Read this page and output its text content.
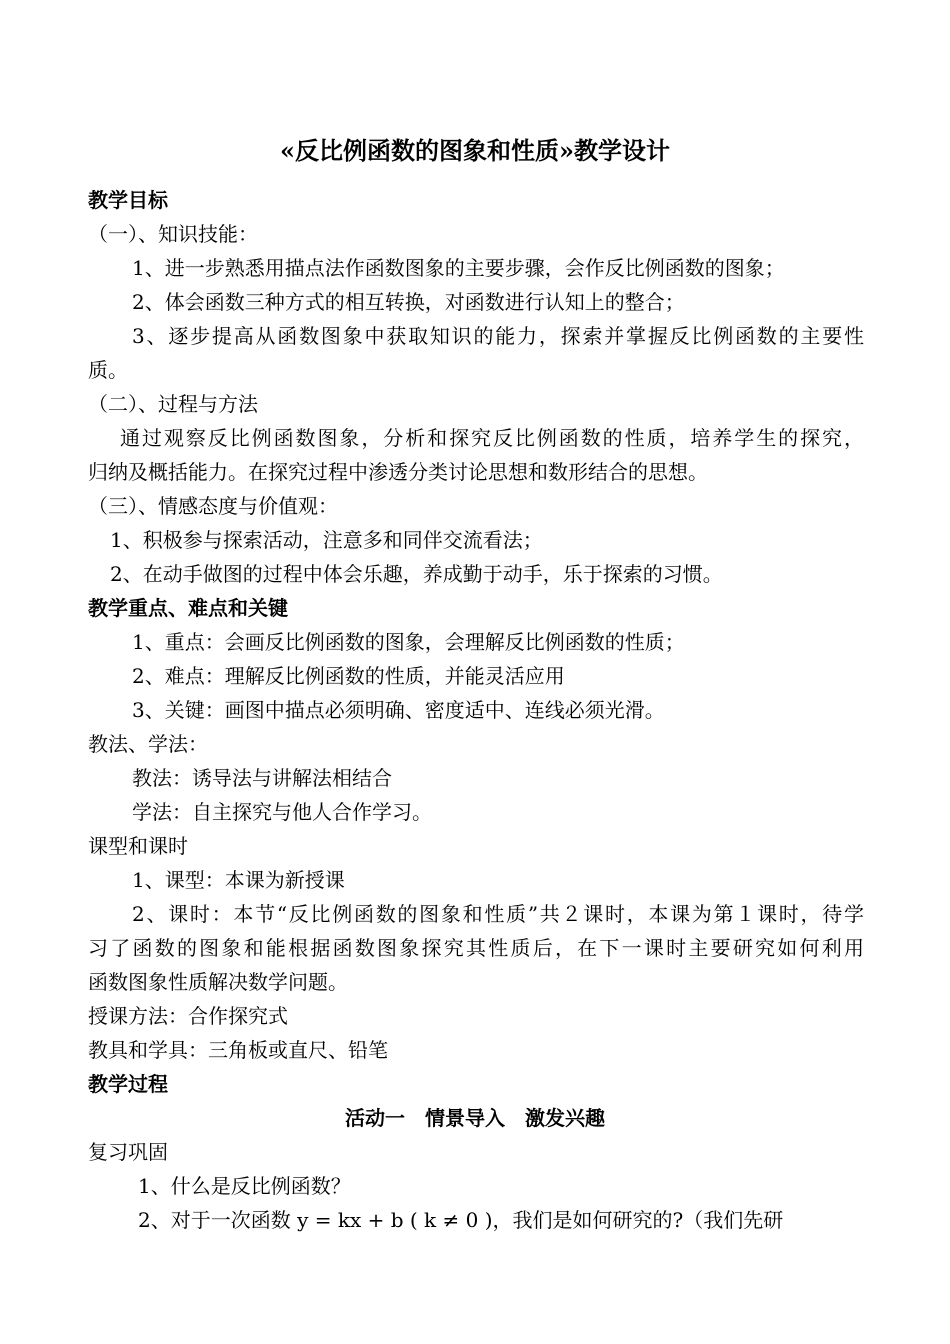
«反比例函数的图象和性质»教学设计
教学目标
（一）、知识技能：
1、进一步熟悉用描点法作函数图象的主要步骤，会作反比例函数的图象；
2、体会函数三种方式的相互转换，对函数进行认知上的整合；
3、逐步提高从函数图象中获取知识的能力，探索并掌握反比例函数的主要性
质。
（二）、过程与方法
通过观察反比例函数图象，分析和探究反比例函数的性质，培养学生的探究，
归纳及概括能力。在探究过程中渗透分类讨论思想和数形结合的思想。
（三）、情感态度与价值观：
1、积极参与探索活动，注意多和同伴交流看法；
2、在动手做图的过程中体会乐趣，养成勤于动手，乐于探索的习惯。
教学重点、难点和关键
1、重点：会画反比例函数的图象，会理解反比例函数的性质；
2、难点：理解反比例函数的性质，并能灵活应用
3、关键：画图中描点必须明确、密度适中、连线必须光滑。
教法、学法：
教法：诱导法与讲解法相结合
学法：自主探究与他人合作学习。
课型和课时
1、课型：本课为新授课
2、课时：本节“反比例函数的图象和性质”共２课时，本课为第１课时，待学
习了函数的图象和能根据函数图象探究其性质后，在下一课时主要研究如何利用
函数图象性质解决数学问题。
授课方法：合作探究式
教具和学具：三角板或直尺、铅笔
教学过程
活动一　情景导入　激发兴趣
复习巩固
1、什么是反比例函数？
2、对于一次函数 y = kx + b ( k ≠ 0 )，我们是如何研究的?（我们先研
